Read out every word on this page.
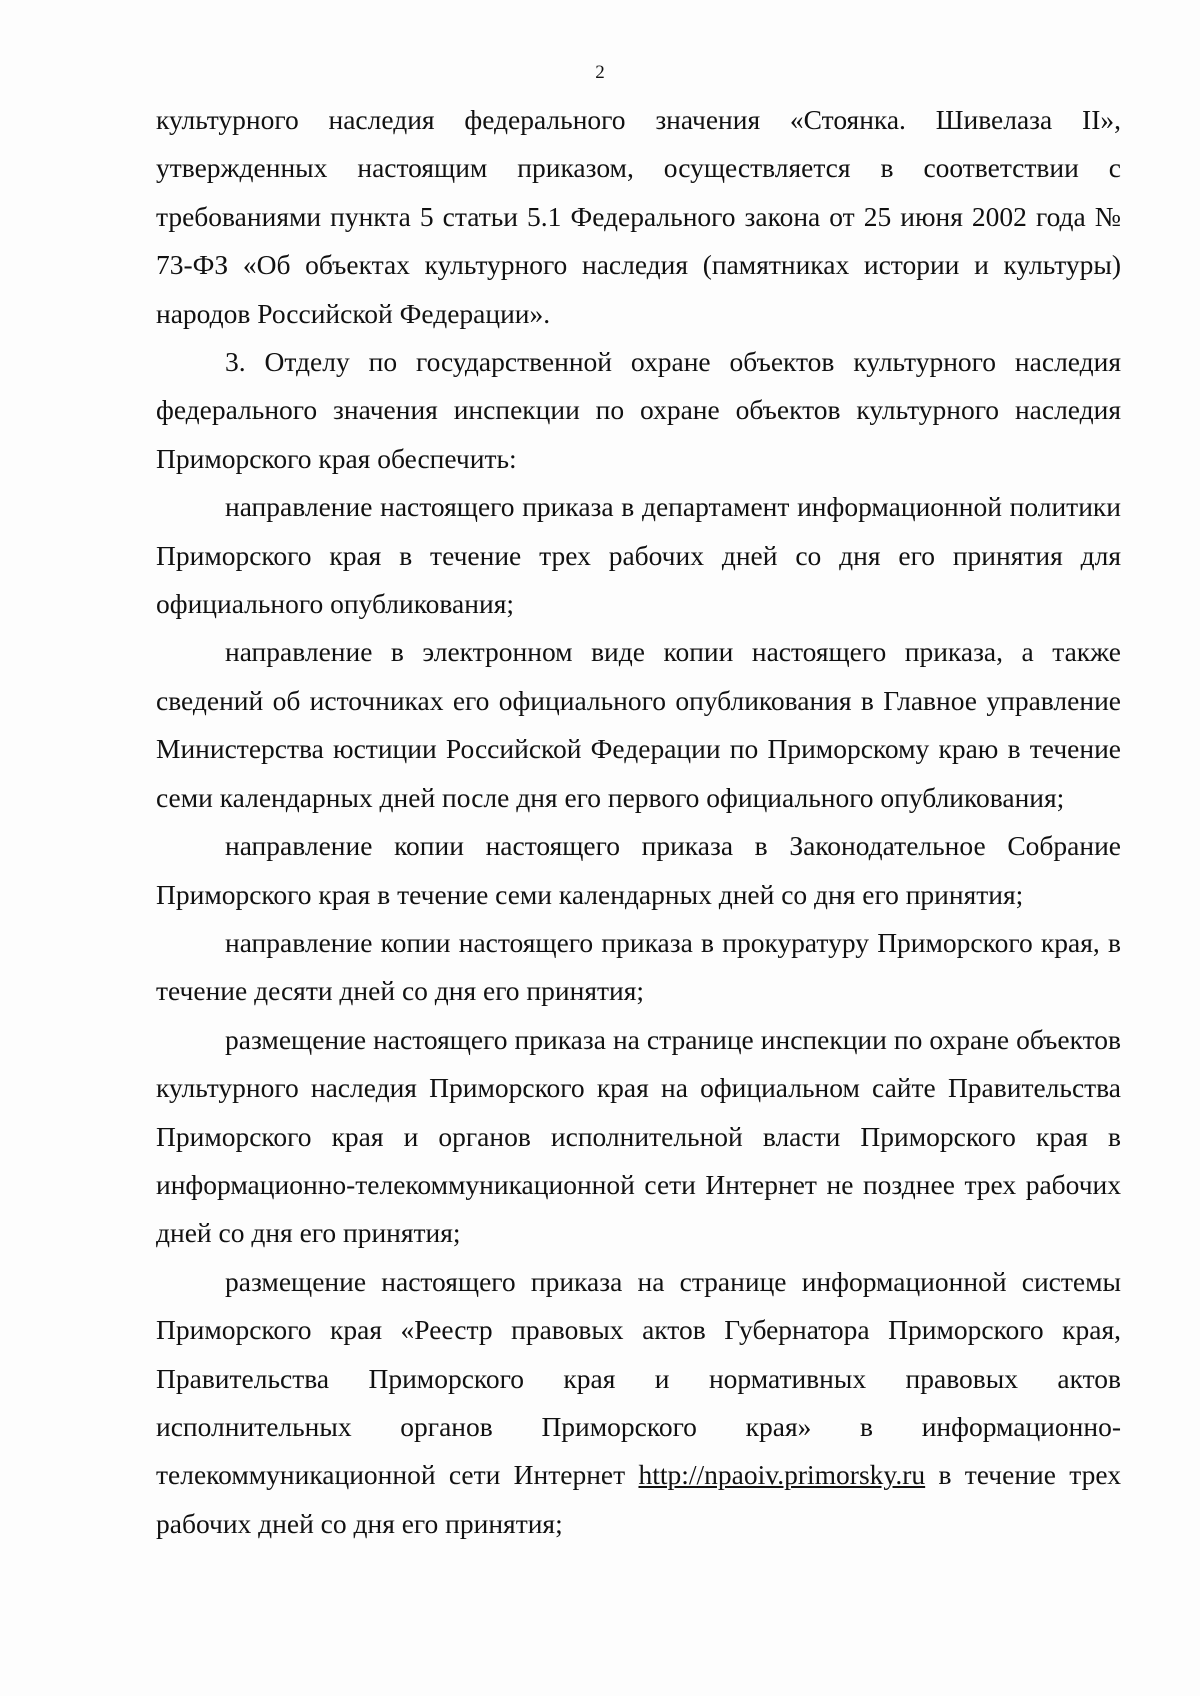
2

культурного наследия федерального значения «Стоянка. Шивелаза II», утвержденных настоящим приказом, осуществляется в соответствии с требованиями пункта 5 статьи 5.1 Федерального закона от 25 июня 2002 года № 73-ФЗ «Об объектах культурного наследия (памятниках истории и культуры) народов Российской Федерации».

3. Отделу по государственной охране объектов культурного наследия федерального значения инспекции по охране объектов культурного наследия Приморского края обеспечить:

направление настоящего приказа в департамент информационной политики Приморского края в течение трех рабочих дней со дня его принятия для официального опубликования;

направление в электронном виде копии настоящего приказа, а также сведений об источниках его официального опубликования в Главное управление Министерства юстиции Российской Федерации по Приморскому краю в течение семи календарных дней после дня его первого официального опубликования;

направление копии настоящего приказа в Законодательное Собрание Приморского края в течение семи календарных дней со дня его принятия;

направление копии настоящего приказа в прокуратуру Приморского края, в течение десяти дней со дня его принятия;

размещение настоящего приказа на странице инспекции по охране объектов культурного наследия Приморского края на официальном сайте Правительства Приморского края и органов исполнительной власти Приморского края в информационно-телекоммуникационной сети Интернет не позднее трех рабочих дней со дня его принятия;

размещение настоящего приказа на странице информационной системы Приморского края «Реестр правовых актов Губернатора Приморского края, Правительства Приморского края и нормативных правовых актов исполнительных органов Приморского края» в информационно-телекоммуникационной сети Интернет http://npaoiv.primorsky.ru в течение трех рабочих дней со дня его принятия;
